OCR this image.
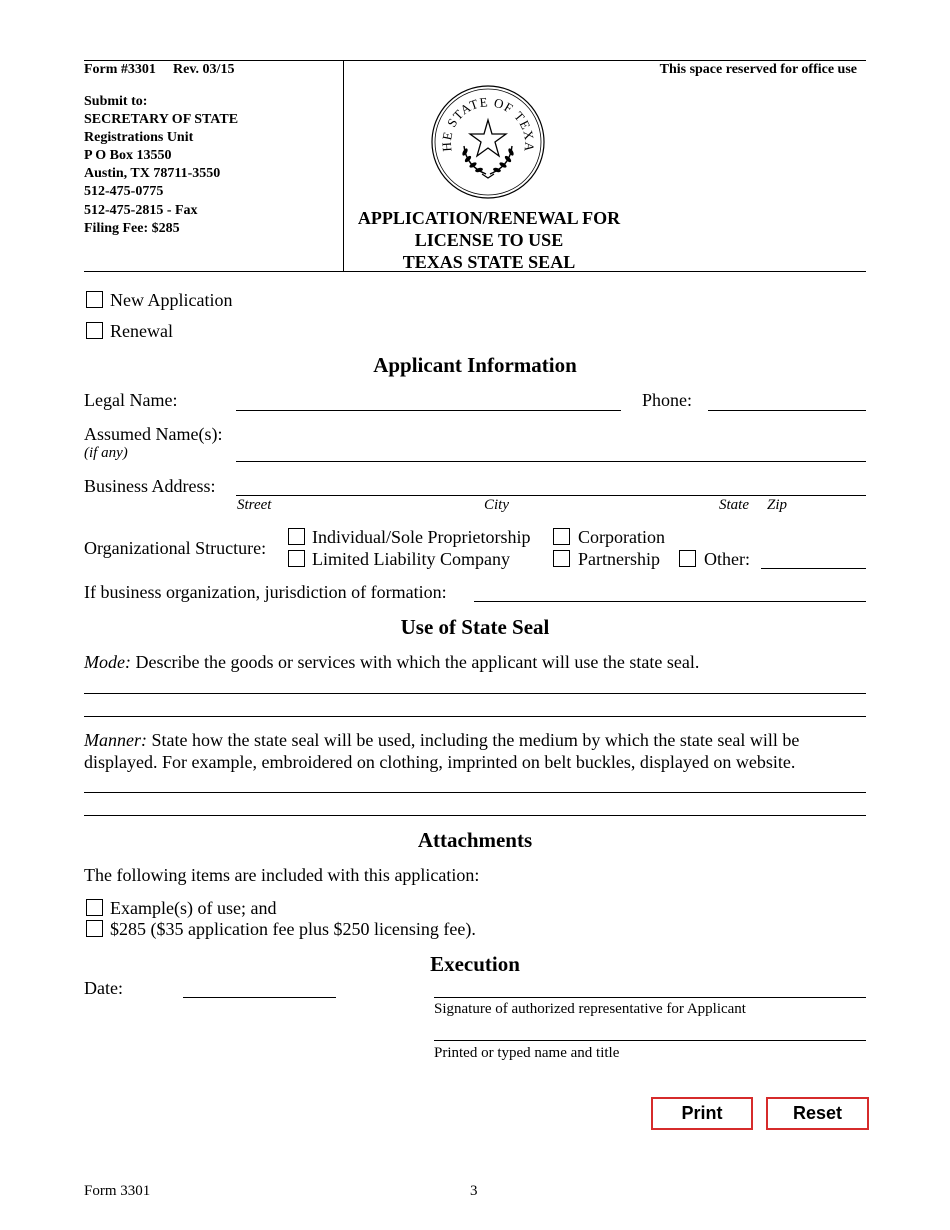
Form #3301 Rev. 03/15	This space reserved for office use
Submit to:
SECRETARY OF STATE
Registrations Unit
P O Box 13550
Austin, TX 78711-3550
512-475-0775
512-475-2815 - Fax
Filing Fee: $285
HE STATE OF TEXA
APPLICATION/RENEWAL FOR
LICENSE TO USE
TEXAS STATE SEAL
New Application
Renewal
Applicant Information
Legal Name:	Phone:
Assumed Name(s):
(if any)
Business Address:
Street	City	State Zip
Organizational Structure:
Individual/Sole Proprietorship	Corporation
Limited Liability Company	Partnership Other:
If business organization, jurisdiction of formation:
Use of State Seal
Mode: Describe the goods or services with which the applicant will use the state seal.
Manner: State how the state seal will be used, including the medium by which the state seal will be
displayed. For example, embroidered on clothing, imprinted on belt buckles, displayed on website.
Attachments
The following items are included with this application:
Example(s) of use; and
$285 ($35 application fee plus $250 licensing fee).
Execution
Date:
Signature of authorized representative for Applicant
Printed or typed name and title
Print	Reset
Form 3301	3
